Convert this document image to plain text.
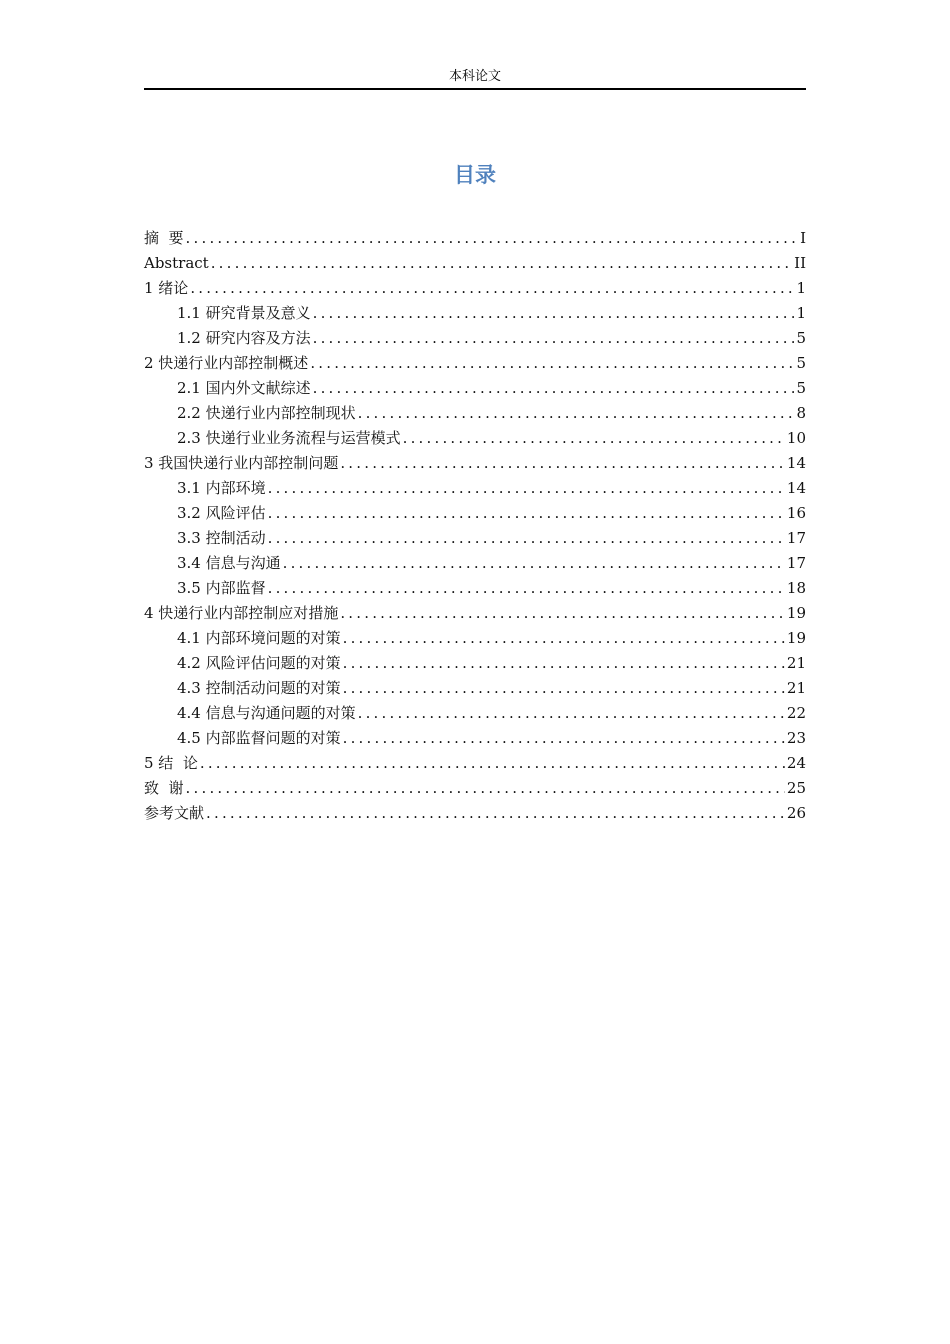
本科论文
目录
摘  要 .....	I
Abstract .....	II
1 绪论 .....	1
1.1 研究背景及意义 .....	1
1.2 研究内容及方法 .....	5
2 快递行业内部控制概述 .....	5
2.1 国内外文献综述 .....	5
2.2 快递行业内部控制现状 .....	8
2.3 快递行业业务流程与运营模式 .....	10
3 我国快递行业内部控制问题 .....	14
3.1 内部环境 .....	14
3.2 风险评估 .....	16
3.3 控制活动 .....	17
3.4 信息与沟通 .....	17
3.5 内部监督 .....	18
4 快递行业内部控制应对措施 .....	19
4.1 内部环境问题的对策 .....	19
4.2 风险评估问题的对策 .....	21
4.3 控制活动问题的对策 .....	21
4.4 信息与沟通问题的对策 .....	22
4.5 内部监督问题的对策 .....	23
5 结  论 .....	24
致  谢 .....	25
参考文献 .....	26
